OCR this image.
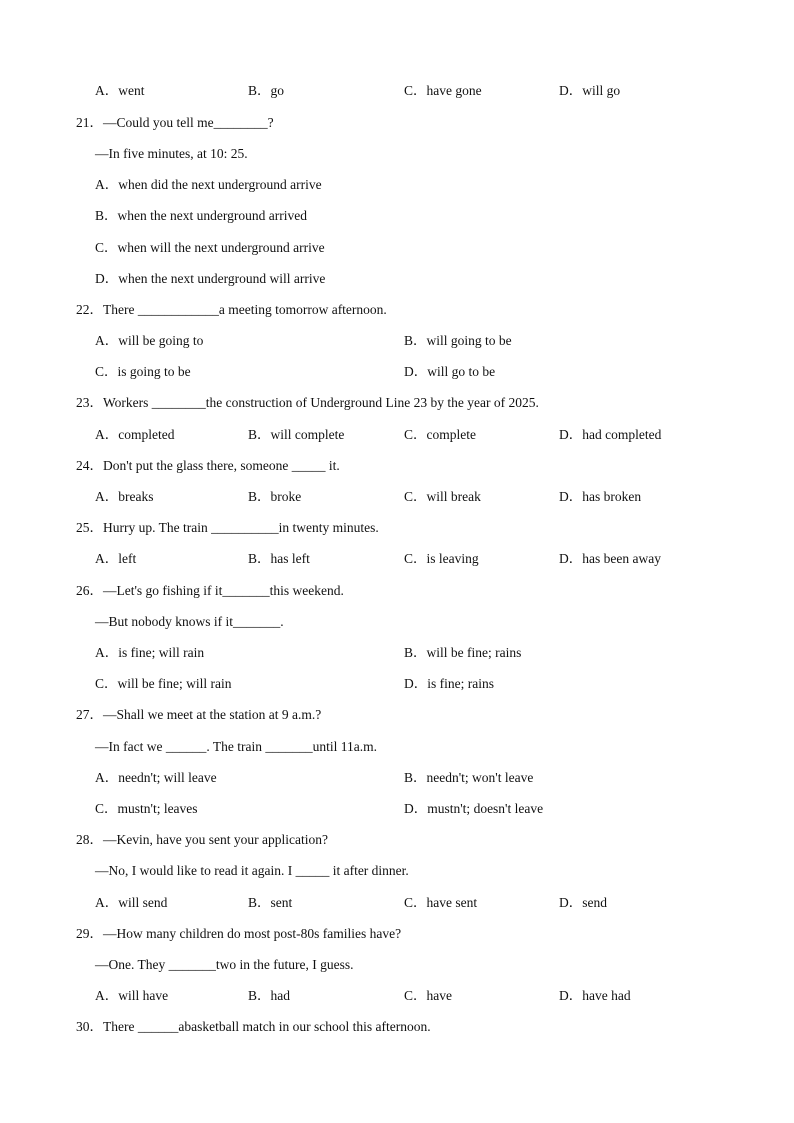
A．went	B．go	C．have gone	D．will go
21．—Could you tell me________?
—In five minutes, at 10: 25.
A．when did the next underground arrive
B．when the next underground arrived
C．when will the next underground arrive
D．when the next underground will arrive
22．There ____________a meeting tomorrow afternoon.
A．will be going to	B．will going to be
C．is going to be	D．will go to be
23．Workers ________the construction of Underground Line 23 by the year of 2025.
A．completed	B．will complete	C．complete	D．had completed
24．Don't put the glass there, someone _____ it.
A．breaks	B．broke	C．will break	D．has broken
25．Hurry up. The train __________in twenty minutes.
A．left	B．has left	C．is leaving	D．has been away
26．—Let's go fishing if it_______this weekend.
—But nobody knows if it_______.
A．is fine; will rain	B．will be fine; rains
C．will be fine; will rain	D．is fine; rains
27．—Shall we meet at the station at 9 a.m.?
—In fact we ______. The train _______until 11a.m.
A．needn't; will leave	B．needn't; won't leave
C．mustn't; leaves	D．mustn't; doesn't leave
28．—Kevin, have you sent your application?
—No, I would like to read it again. I _____ it after dinner.
A．will send	B．sent	C．have sent	D．send
29．—How many children do most post-80s families have?
—One. They _______two in the future, I guess.
A．will have	B．had	C．have	D．have had
30．There ______abasketball match in our school this afternoon.
